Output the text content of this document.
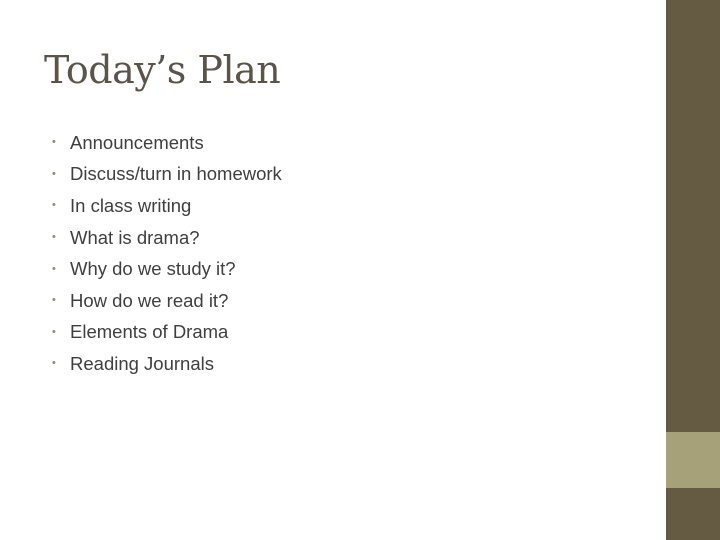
Today’s Plan
• Announcements
• Discuss/turn in homework
• In class writing
• What is drama?
• Why do we study it?
• How do we read it?
• Elements of Drama
• Reading Journals
